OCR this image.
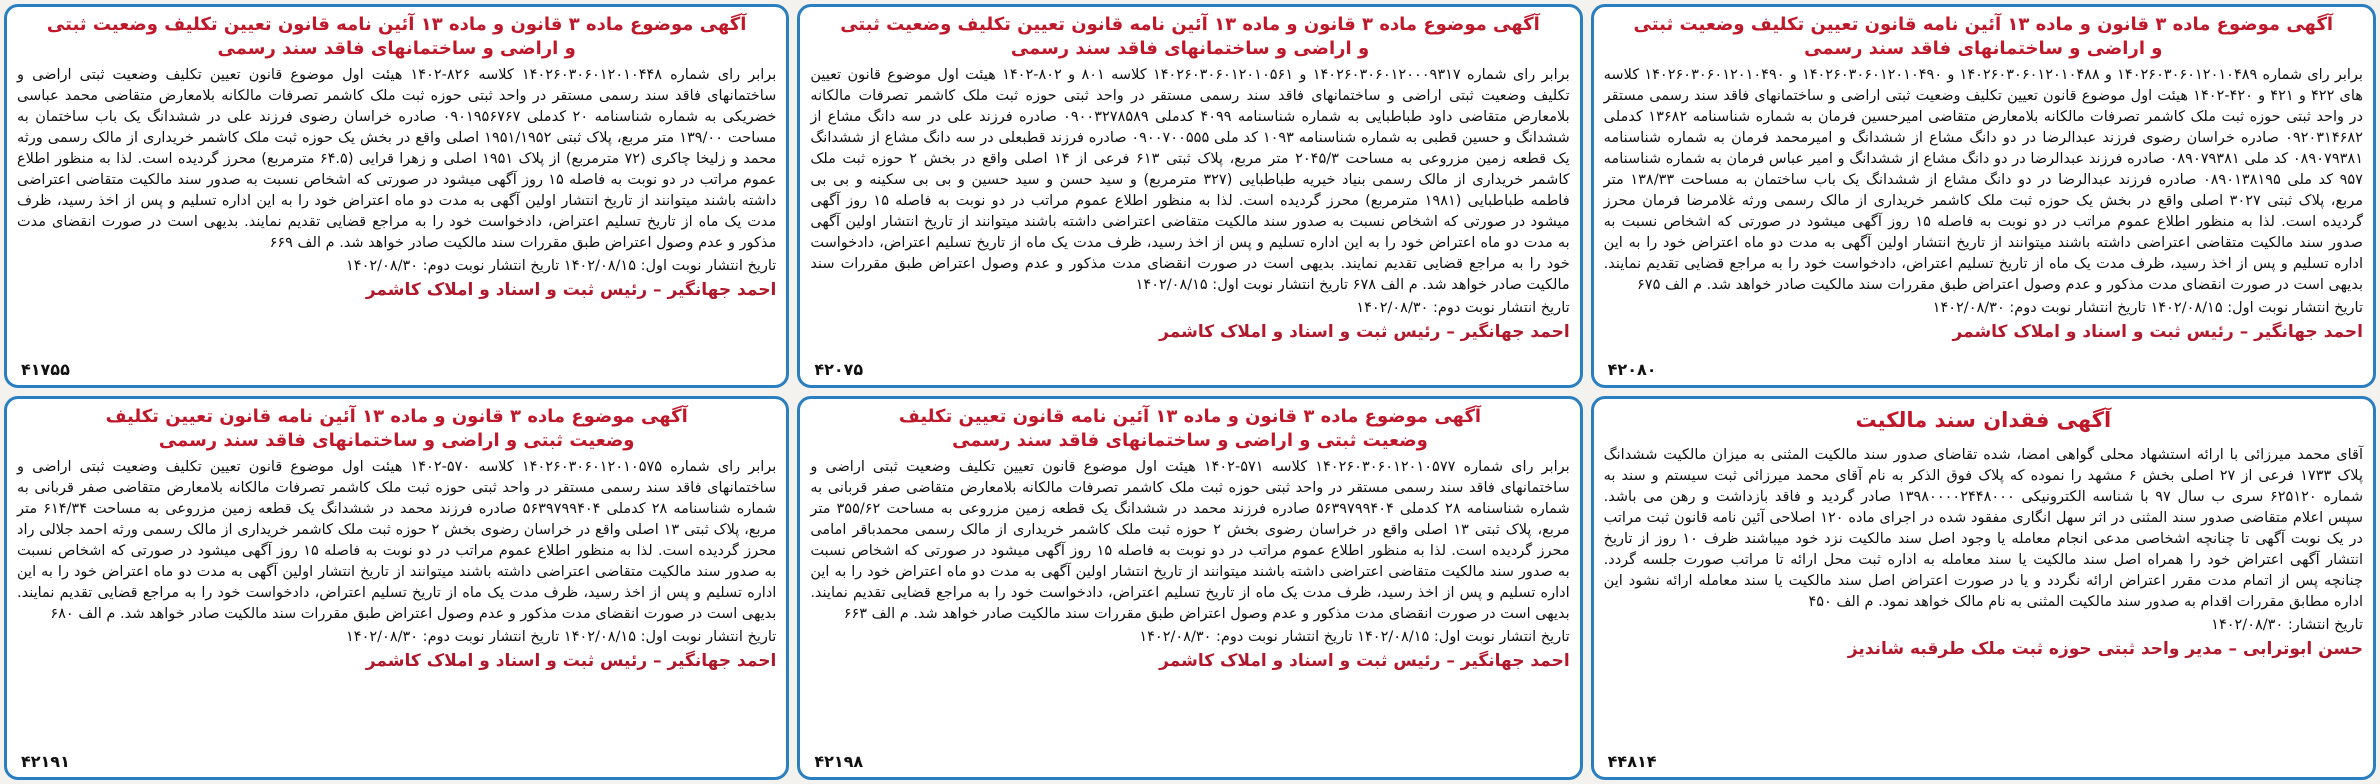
آگهی موضوع ماده ۳ قانون و ماده ۱۳ آئین نامه قانون تعیین تکلیف وضعیت ثبتی
و اراضی و ساختمانهای فاقد سند رسمی
برابر رای شماره ۱۴۰۲۶۰۳۰۶۰۱۲۰۱۰۴۸۹ و ۱۴۰۲۶۰۳۰۶۰۱۲۰۱۰۴۸۸ و ۱۴۰۲۶۰۳۰۶۰۱۲۰۱۰۴۹۰ و ۱۴۰۲۶۰۳۰۶۰۱۲۰۱۰۴۹۰ کلاسه های ۴۲۲ و ۴۲۱ و ۴۲۰-۱۴۰۲ هیئت اول موضوع قانون تعیین تکلیف وضعیت ثبتی اراضی و ساختمانهای فاقد سند رسمی مستقر در واحد ثبتی حوزه ثبت ملک کاشمر تصرفات مالکانه بلامعارض متقاضی امیرحسین فرمان به شماره شناسنامه ۱۳۶۸۲ کدملی ۰۹۲۰۳۱۴۶۸۲ صادره خراسان رضوی فرزند عبدالرضا در دو دانگ مشاع از ششدانگ و امیرمحمد فرمان به شماره شناسنامه ۰۸۹۰۷۹۳۸۱ کد ملی ۰۸۹۰۷۹۳۸۱ صادره فرزند عبدالرضا در دو دانگ مشاع از ششدانگ و امیر عباس فرمان به شماره شناسنامه ۹۵۷ کد ملی ۰۸۹۰۱۳۸۱۹۵ صادره فرزند عبدالرضا در دو دانگ مشاع از ششدانگ یک باب ساختمان به مساحت ۱۳۸/۳۳ متر مربع، پلاک ثبتی ۳۰۲۷ اصلی واقع در بخش یک حوزه ثبت ملک کاشمر خریداری از مالک رسمی ورثه غلامرضا فرمان محرز گردیده است. لذا به منظور اطلاع عموم مراتب در دو نوبت به فاصله ۱۵ روز آگهی میشود در صورتی که اشخاص نسبت به صدور سند مالکیت متقاضی اعتراضی داشته باشند میتوانند از تاریخ انتشار اولین آگهی به مدت دو ماه اعتراض خود را به این اداره تسلیم و پس از اخذ رسید، ظرف مدت یک ماه از تاریخ تسلیم اعتراض، دادخواست خود را به مراجع قضایی تقدیم نمایند. بدیهی است در صورت انقضای مدت مذکور و عدم وصول اعتراض طبق مقررات سند مالکیت صادر خواهد شد. م الف ۶۷۵
تاریخ انتشار نوبت اول: ۱۴۰۲/۰۸/۱۵ تاریخ انتشار نوبت دوم: ۱۴۰۲/۰۸/۳۰
احمد جهانگیر – رئیس ثبت و اسناد و املاک کاشمر
۴۲۰۸۰
آگهی موضوع ماده ۳ قانون و ماده ۱۳ آئین نامه قانون تعیین تکلیف وضعیت ثبتی
و اراضی و ساختمانهای فاقد سند رسمی
برابر رای شماره ۱۴۰۲۶۰۳۰۶۰۱۲۰۰۰۹۳۱۷ و ۱۴۰۲۶۰۳۰۶۰۱۲۰۱۰۵۶۱ کلاسه ۸۰۱ و ۸۰۲-۱۴۰۲ هیئت اول موضوع قانون تعیین تکلیف وضعیت ثبتی اراضی و ساختمانهای فاقد سند رسمی مستقر در واحد ثبتی حوزه ثبت ملک کاشمر تصرفات مالکانه بلامعارض متقاضی داود طباطبایی به شماره شناسنامه ۴۰۹۹ کدملی ۰۹۰۰۳۲۷۸۵۸۹ صادره فرزند علی در سه دانگ مشاع از ششدانگ و حسین قطبی به شماره شناسنامه ۱۰۹۳ کد ملی ۰۹۰۰۷۰۰۵۵۵ صادره فرزند قطبعلی در سه دانگ مشاع از ششدانگ یک قطعه زمین مزروعی به مساحت ۲۰۴۵/۳ متر مربع، پلاک ثبتی ۶۱۳ فرعی از ۱۴ اصلی واقع در بخش ۲ حوزه ثبت ملک کاشمر خریداری از مالک رسمی بنیاد خیریه طباطبایی (۳۲۷ مترمربع) و سید حسن و سید حسین و بی بی سکینه و بی بی فاطمه طباطبایی (۱۹۸۱ مترمربع) محرز گردیده است. لذا به منظور اطلاع عموم مراتب در دو نوبت به فاصله ۱۵ روز آگهی میشود در صورتی که اشخاص نسبت به صدور سند مالکیت متقاضی اعتراضی داشته باشند میتوانند از تاریخ انتشار اولین آگهی به مدت دو ماه اعتراض خود را به این اداره تسلیم و پس از اخذ رسید، ظرف مدت یک ماه از تاریخ تسلیم اعتراض، دادخواست خود را به مراجع قضایی تقدیم نمایند. بدیهی است در صورت انقضای مدت مذکور و عدم وصول اعتراض طبق مقررات سند مالکیت صادر خواهد شد. م الف ۶۷۸ تاریخ انتشار نوبت اول: ۱۴۰۲/۰۸/۱۵
تاریخ انتشار نوبت دوم: ۱۴۰۲/۰۸/۳۰
احمد جهانگیر – رئیس ثبت و اسناد و املاک کاشمر
۴۲۰۷۵
آگهی موضوع ماده ۳ قانون و ماده ۱۳ آئین نامه قانون تعیین تکلیف وضعیت ثبتی
و اراضی و ساختمانهای فاقد سند رسمی
برابر رای شماره ۱۴۰۲۶۰۳۰۶۰۱۲۰۱۰۴۴۸ کلاسه ۸۲۶-۱۴۰۲ هیئت اول موضوع قانون تعیین تکلیف وضعیت ثبتی اراضی و ساختمانهای فاقد سند رسمی مستقر در واحد ثبتی حوزه ثبت ملک کاشمر تصرفات مالکانه بلامعارض متقاضی محمد عباسی خضریکی به شماره شناسنامه ۲۰ کدملی ۰۹۰۱۹۵۶۷۶۷ صادره خراسان رضوی فرزند علی در ششدانگ یک باب ساختمان به مساحت ۱۳۹/۰۰ متر مربع، پلاک ثبتی ۱۹۵۱/۱۹۵۲ اصلی واقع در بخش یک حوزه ثبت ملک کاشمر خریداری از مالک رسمی ورثه محمد و زلیخا چاکری (۷۲ مترمربع) از پلاک ۱۹۵۱ اصلی و زهرا قرایی (۶۴.۵ مترمربع) محرز گردیده است. لذا به منظور اطلاع عموم مراتب در دو نوبت به فاصله ۱۵ روز آگهی میشود در صورتی که اشخاص نسبت به صدور سند مالکیت متقاضی اعتراضی داشته باشند میتوانند از تاریخ انتشار اولین آگهی به مدت دو ماه اعتراض خود را به این اداره تسلیم و پس از اخذ رسید، ظرف مدت یک ماه از تاریخ تسلیم اعتراض، دادخواست خود را به مراجع قضایی تقدیم نمایند. بدیهی است در صورت انقضای مدت مذکور و عدم وصول اعتراض طبق مقررات سند مالکیت صادر خواهد شد. م الف ۶۶۹
تاریخ انتشار نوبت اول: ۱۴۰۲/۰۸/۱۵ تاریخ انتشار نوبت دوم: ۱۴۰۲/۰۸/۳۰
احمد جهانگیر – رئیس ثبت و اسناد و املاک کاشمر
۴۱۷۵۵
آگهی فقدان سند مالکیت
آقای محمد میرزائی با ارائه استشهاد محلی گواهی امضا، شده تقاضای صدور سند مالکیت المثنی به میزان مالکیت ششدانگ پلاک ۱۷۳۳ فرعی از ۲۷ اصلی بخش ۶ مشهد را نموده که پلاک فوق الذکر به نام آقای محمد میرزائی ثبت سیستم و سند به شماره ۶۲۵۱۲۰ سری ب سال ۹۷ با شناسه الکترونیکی ۱۳۹۸۰۰۰۰۲۴۴۸۰۰۰ صادر گردید و فاقد بازداشت و رهن می باشد. سپس اعلام متقاضی صدور سند المثنی در اثر سهل انگاری مفقود شده در اجرای ماده ۱۲۰ اصلاحی آئین نامه قانون ثبت مراتب در یک نوبت آگهی تا چنانچه اشخاصی مدعی انجام معامله یا وجود اصل سند مالکیت نزد خود میباشند ظرف ۱۰ روز از تاریخ انتشار آگهی اعتراض خود را همراه اصل سند مالکیت یا سند معامله به اداره ثبت محل ارائه تا مراتب صورت جلسه گردد. چنانچه پس از اتمام مدت مقرر اعتراض ارائه نگردد و یا در صورت اعتراض اصل سند مالکیت یا سند معامله ارائه نشود این اداره مطابق مقررات اقدام به صدور سند مالکیت المثنی به نام مالک خواهد نمود. م الف ۴۵۰
تاریخ انتشار: ۱۴۰۲/۰۸/۳۰
حسن ابوترابی – مدیر واحد ثبتی حوزه ثبت ملک طرقبه شاندیز
۴۴۸۱۴
آگهی موضوع ماده ۳ قانون و ماده ۱۳ آئین نامه قانون تعیین تکلیف
وضعیت ثبتی و اراضی و ساختمانهای فاقد سند رسمی
برابر رای شماره ۱۴۰۲۶۰۳۰۶۰۱۲۰۱۰۵۷۷ کلاسه ۵۷۱-۱۴۰۲ هیئت اول موضوع قانون تعیین تکلیف وضعیت ثبتی اراضی و ساختمانهای فاقد سند رسمی مستقر در واحد ثبتی حوزه ثبت ملک کاشمر تصرفات مالکانه بلامعارض متقاضی صفر قربانی به شماره شناسنامه ۲۸ کدملی ۵۶۳۹۷۹۹۴۰۴ صادره فرزند محمد در ششدانگ یک قطعه زمین مزروعی به مساحت ۳۵۵/۶۲ متر مربع، پلاک ثبتی ۱۳ اصلی واقع در خراسان رضوی بخش ۲ حوزه ثبت ملک کاشمر خریداری از مالک رسمی محمدباقر امامی محرز گردیده است. لذا به منظور اطلاع عموم مراتب در دو نوبت به فاصله ۱۵ روز آگهی میشود در صورتی که اشخاص نسبت به صدور سند مالکیت متقاضی اعتراضی داشته باشند میتوانند از تاریخ انتشار اولین آگهی به مدت دو ماه اعتراض خود را به این اداره تسلیم و پس از اخذ رسید، ظرف مدت یک ماه از تاریخ تسلیم اعتراض، دادخواست خود را به مراجع قضایی تقدیم نمایند. بدیهی است در صورت انقضای مدت مذکور و عدم وصول اعتراض طبق مقررات سند مالکیت صادر خواهد شد. م الف ۶۶۳
تاریخ انتشار نوبت اول: ۱۴۰۲/۰۸/۱۵ تاریخ انتشار نوبت دوم: ۱۴۰۲/۰۸/۳۰
احمد جهانگیر – رئیس ثبت و اسناد و املاک کاشمر
۴۲۱۹۸
آگهی موضوع ماده ۳ قانون و ماده ۱۳ آئین نامه قانون تعیین تکلیف
وضعیت ثبتی و اراضی و ساختمانهای فاقد سند رسمی
برابر رای شماره ۱۴۰۲۶۰۳۰۶۰۱۲۰۱۰۵۷۵ کلاسه ۵۷۰-۱۴۰۲ هیئت اول موضوع قانون تعیین تکلیف وضعیت ثبتی اراضی و ساختمانهای فاقد سند رسمی مستقر در واحد ثبتی حوزه ثبت ملک کاشمر تصرفات مالکانه بلامعارض متقاضی صفر قربانی به شماره شناسنامه ۲۸ کدملی ۵۶۳۹۷۹۹۴۰۴ صادره فرزند محمد در ششدانگ یک قطعه زمین مزروعی به مساحت ۶۱۴/۳۴ متر مربع، پلاک ثبتی ۱۳ اصلی واقع در خراسان رضوی بخش ۲ حوزه ثبت ملک کاشمر خریداری از مالک رسمی ورثه احمد جلالی راد محرز گردیده است. لذا به منظور اطلاع عموم مراتب در دو نوبت به فاصله ۱۵ روز آگهی میشود در صورتی که اشخاص نسبت به صدور سند مالکیت متقاضی اعتراضی داشته باشند میتوانند از تاریخ انتشار اولین آگهی به مدت دو ماه اعتراض خود را به این اداره تسلیم و پس از اخذ رسید، ظرف مدت یک ماه از تاریخ تسلیم اعتراض، دادخواست خود را به مراجع قضایی تقدیم نمایند. بدیهی است در صورت انقضای مدت مذکور و عدم وصول اعتراض طبق مقررات سند مالکیت صادر خواهد شد. م الف ۶۸۰
تاریخ انتشار نوبت اول: ۱۴۰۲/۰۸/۱۵ تاریخ انتشار نوبت دوم: ۱۴۰۲/۰۸/۳۰
احمد جهانگیر – رئیس ثبت و اسناد و املاک کاشمر
۴۲۱۹۱
